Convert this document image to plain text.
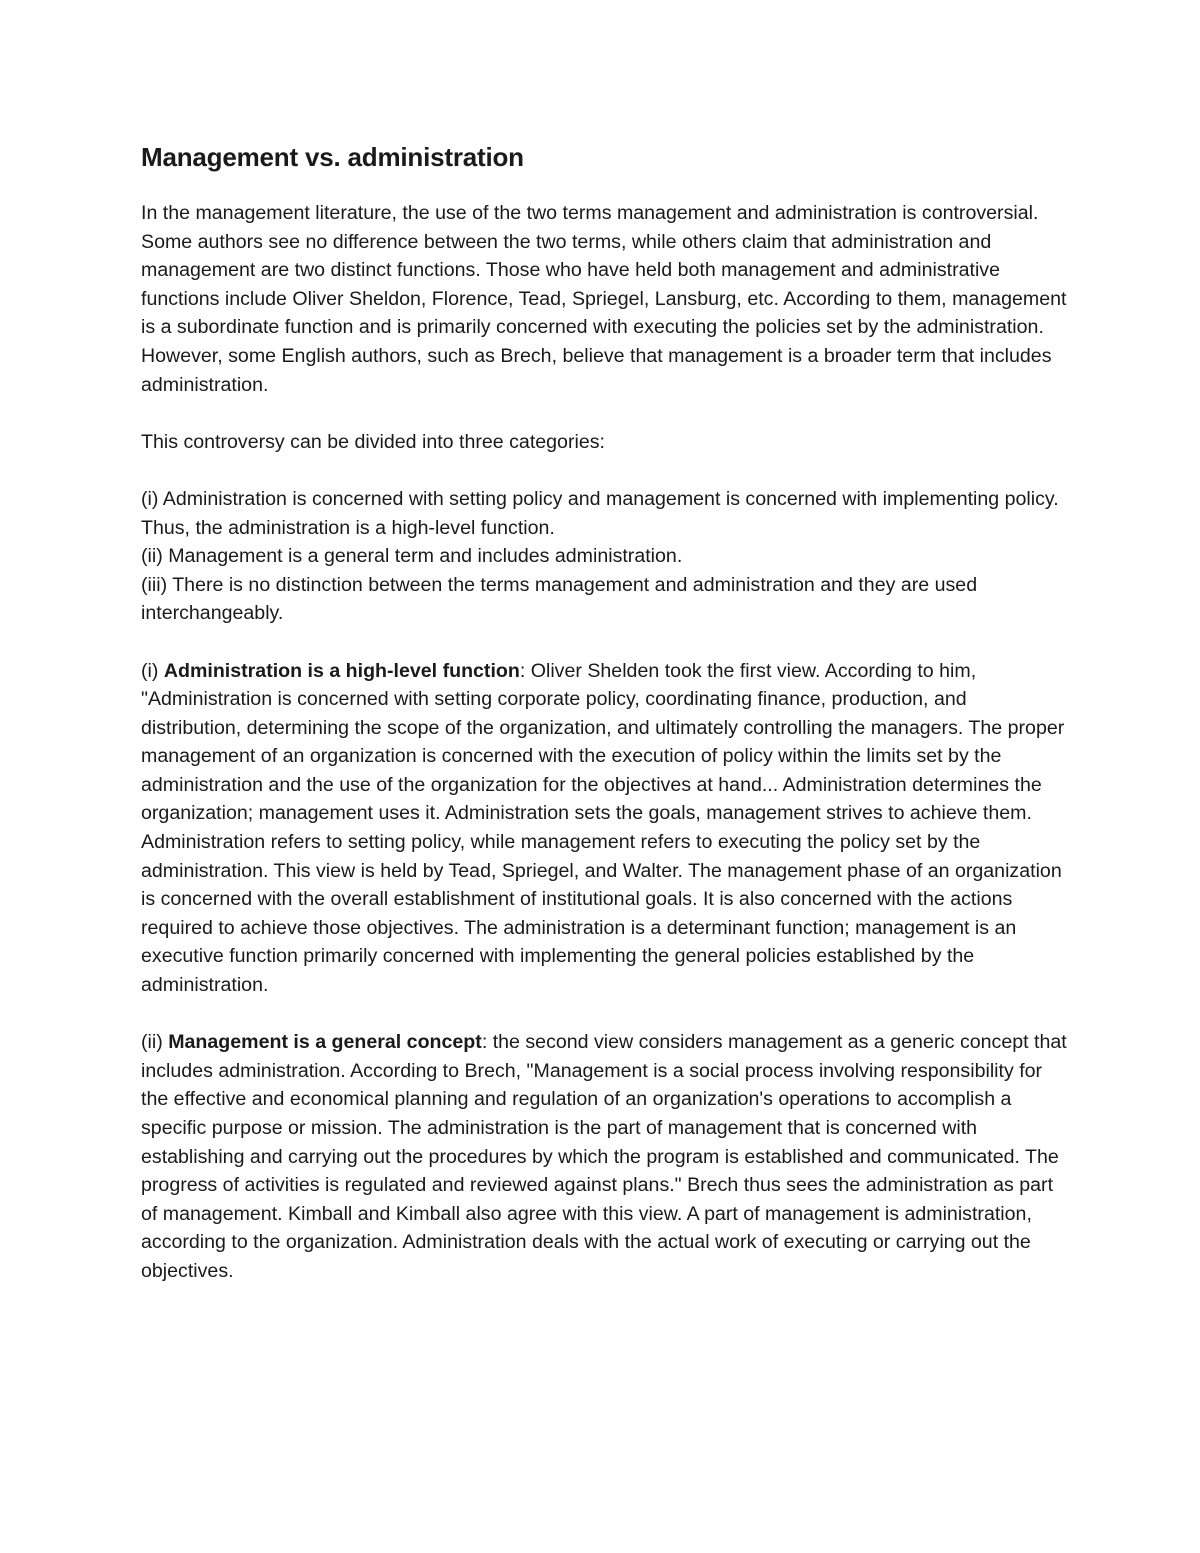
Management vs. administration

In the management literature, the use of the two terms management and administration is controversial. Some authors see no difference between the two terms, while others claim that administration and management are two distinct functions. Those who have held both management and administrative functions include Oliver Sheldon, Florence, Tead, Spriegel, Lansburg, etc. According to them, management is a subordinate function and is primarily concerned with executing the policies set by the administration. However, some English authors, such as Brech, believe that management is a broader term that includes administration.

This controversy can be divided into three categories:

(i) Administration is concerned with setting policy and management is concerned with implementing policy. Thus, the administration is a high-level function.

(ii) Management is a general term and includes administration.

(iii) There is no distinction between the terms management and administration and they are used interchangeably.

(i) Administration is a high-level function: Oliver Shelden took the first view. According to him, "Administration is concerned with setting corporate policy, coordinating finance, production, and distribution, determining the scope of the organization, and ultimately controlling the managers. The proper management of an organization is concerned with the execution of policy within the limits set by the administration and the use of the organization for the objectives at hand... Administration determines the organization; management uses it. Administration sets the goals, management strives to achieve them. Administration refers to setting policy, while management refers to executing the policy set by the administration. This view is held by Tead, Spriegel, and Walter. The management phase of an organization is concerned with the overall establishment of institutional goals. It is also concerned with the actions required to achieve those objectives. The administration is a determinant function; management is an executive function primarily concerned with implementing the general policies established by the administration.

(ii) Management is a general concept: the second view considers management as a generic concept that includes administration. According to Brech, "Management is a social process involving responsibility for the effective and economical planning and regulation of an organization's operations to accomplish a specific purpose or mission. The administration is the part of management that is concerned with establishing and carrying out the procedures by which the program is established and communicated. The progress of activities is regulated and reviewed against plans." Brech thus sees the administration as part of management. Kimball and Kimball also agree with this view. A part of management is administration, according to the organization. Administration deals with the actual work of executing or carrying out the objectives.
